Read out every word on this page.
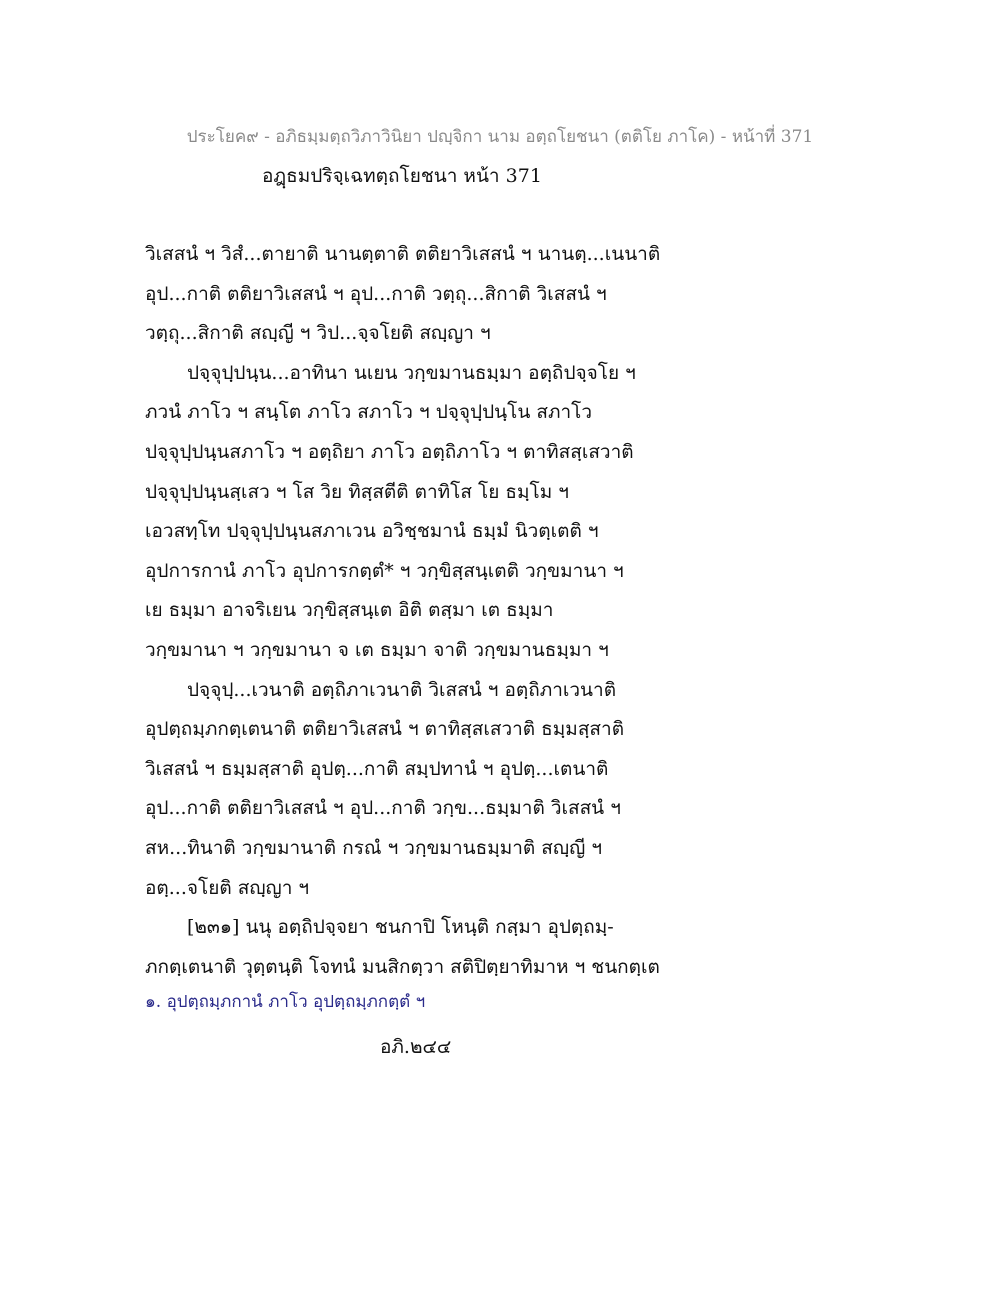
ประโยค๙ - อภิธมฺมตฺถวิภาวินิยา ปญฺจิกา นาม อตฺถโยชนา (ตติโย ภาโค) - หน้าที่ 371
อฎฺธมปริจฺเฉทตฺถโยชนา หน้า 371
วิเสสนํ ฯ วิสํ...ตายาติ นานตฺตาติ ตติยาวิเสสนํ ฯ นานตฺ...เนนาติ
อุป...กาติ ตติยาวิเสสนํ ฯ อุป...กาติ วตฺถุ...สิกาติ วิเสสนํ ฯ
วตฺถุ...สิกาติ สญฺญี ฯ วิป...จฺจโยติ สญฺญา ฯ
ปจฺจุปฺปนฺน...อาทินา นเยน วกฺขมานธมฺมา อตฺถิปจฺจโย ฯ
ภวนํ ภาโว ฯ สนฺโต ภาโว สภาโว ฯ ปจฺจุปฺปนฺโน สภาโว
ปจฺจุปฺปนฺนสภาโว ฯ อตฺถิยา ภาโว อตฺถิภาโว ฯ ตาทิสสฺเสวาติ
ปจฺจุปฺปนฺนสฺเสว ฯ โส วิย ทิสฺสตีติ ตาทิโส โย ธมฺโม ฯ
เอวสทฺโท ปจฺจุปฺปนฺนสภาเวน อวิชฺชมานํ ธมฺมํ นิวตฺเตติ ฯ
อุปการกานํ ภาโว อุปการกตฺตํ* ฯ วกฺขิสฺสนฺเตติ วกฺขมานา ฯ
เย ธมฺมา อาจริเยน วกฺขิสฺสนฺเต อิติ ตสฺมา เต ธมฺมา
วกฺขมานา ฯ วกฺขมานา จ เต ธมฺมา จาติ วกฺขมานธมฺมา ฯ
ปจฺจุปฺ...เวนาติ อตฺถิภาเวนาติ วิเสสนํ ฯ อตฺถิภาเวนาติ
อุปตฺถมฺภกตฺเตนาติ ตติยาวิเสสนํ ฯ ตาทิสฺสเสวาติ ธมฺมสฺสาติ
วิเสสนํ ฯ ธมฺมสฺสาติ อุปตฺ...กาติ สมฺปทานํ ฯ อุปตฺ...เตนาติ
อุป...กาติ ตติยาวิเสสนํ ฯ อุป...กาติ วกฺข...ธมฺมาติ วิเสสนํ ฯ
สห...ทินาติ วกฺขมานาติ กรณํ ฯ วกฺขมานธมฺมาติ สญฺญี ฯ
อตฺ...จโยติ สญฺญา ฯ
[๒๓๑] นนุ อตฺถิปจฺจยา ชนกาปิ โหนฺติ กสฺมา อุปตฺถมฺ-
ภกตฺเตนาติ วุตฺตนฺติ โจทนํ มนสิกตฺวา สติปิตฺยาทิมาห ฯ ชนกตฺเต
๑. อุปตฺถมฺภกานํ ภาโว อุปตฺถมฺภกตฺตํ ฯ
อภิ.๒๔๔
